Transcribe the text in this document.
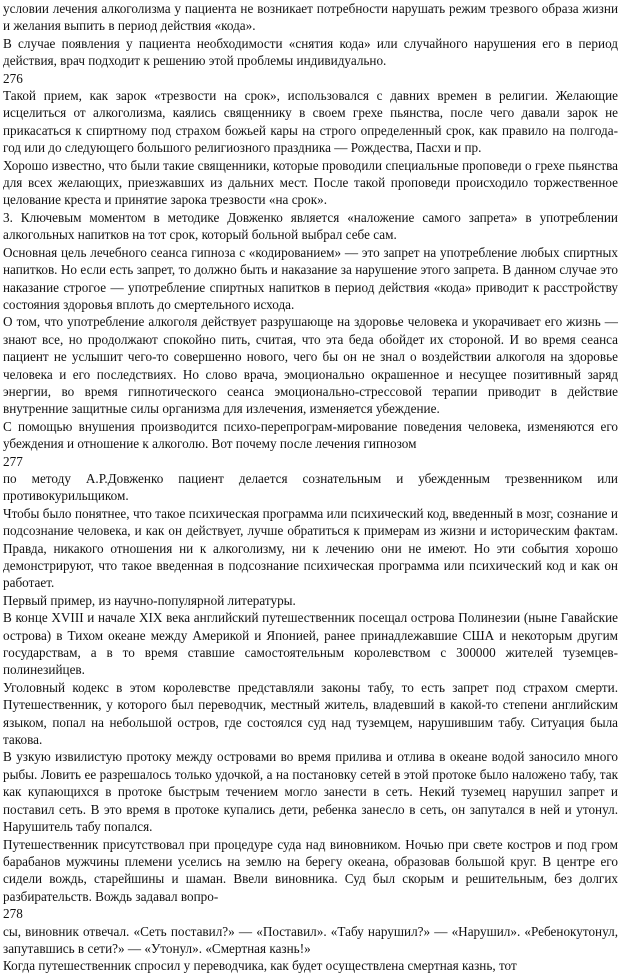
условии лечения алкоголизма у пациента не возникает потребности нарушать режим трезвого образа жизни и желания выпить в период действия «кода».

В случае появления у пациента необходимости «снятия кода» или случайного нарушения его в период действия, врач подходит к решению этой проблемы индивидуально.

276

Такой прием, как зарок «трезвости на срок», использовался с давних времен в религии. Желающие исцелиться от алкоголизма, каялись священнику в своем грехе пьянства, после чего давали зарок не прикасаться к спиртному под страхом божьей кары на строго определенный срок, как правило на полгода-год или до следующего большого религиозного праздника — Рождества, Пасхи и пр.

Хорошо известно, что были такие священники, которые проводили специальные проповеди о грехе пьянства для всех желающих, приезжавших из дальних мест. После такой проповеди происходило торжественное целование креста и принятие зарока трезвости «на срок».

3. Ключевым моментом в методике Довженко является «наложение самого запрета» в употреблении алкогольных напитков на тот срок, который больной выбрал себе сам.

Основная цель лечебного сеанса гипноза с «кодированием» — это запрет на употребление любых спиртных напитков. Но если есть запрет, то должно быть и наказание за нарушение этого запрета. В данном случае это наказание строгое — употребление спиртных напитков в период действия «кода» приводит к расстройству состояния здоровья вплоть до смертельного исхода.

О том, что употребление алкоголя действует разрушающе на здоровье человека и укорачивает его жизнь — знают все, но продолжают спокойно пить, считая, что эта беда обойдет их стороной. И во время сеанса пациент не услышит чего-то совершенно нового, чего бы он не знал о воздействии алкоголя на здоровье человека и его последствиях. Но слово врача, эмоционально окрашенное и несущее позитивный заряд энергии, во время гипнотического сеанса эмоционально-стрессовой терапии приводит в действие внутренние защитные силы организма для излечения, изменяется убеждение.

С помощью внушения производится психо-перепрограм-мирование поведения человека, изменяются его убеждения и отношение к алкоголю. Вот почему после лечения гипнозом

277

по методу А.Р.Довженко пациент делается сознательным и убежденным трезвенником или противокурильщиком.

Чтобы было понятнее, что такое психическая программа или психический код, введенный в мозг, сознание и подсознание человека, и как он действует, лучше обратиться к примерам из жизни и историческим фактам. Правда, никакого отношения ни к алкоголизму, ни к лечению они не имеют. Но эти события хорошо демонстрируют, что такое введенная в подсознание психическая программа или психический код и как он работает.

Первый пример, из научно-популярной литературы.

В конце XVIII и начале XIX века английский путешественник посещал острова Полинезии (ныне Гавайские острова) в Тихом океане между Америкой и Японией, ранее принадлежавшие США и некоторым другим государствам, а в то время ставшие самостоятельным королевством с 300000 жителей туземцев-полинезийцев.

Уголовный кодекс в этом королевстве представляли законы табу, то есть запрет под страхом смерти. Путешественник, у которого был переводчик, местный житель, владевший в какой-то степени английским языком, попал на небольшой остров, где состоялся суд над туземцем, нарушившим табу. Ситуация была такова.

В узкую извилистую протоку между островами во время прилива и отлива в океане водой заносило много рыбы. Ловить ее разрешалось только удочкой, а на постановку сетей в этой протоке было наложено табу, так как купающихся в протоке быстрым течением могло занести в сеть. Некий туземец нарушил запрет и поставил сеть. В это время в протоке купались дети, ребенка занесло в сеть, он запутался в ней и утонул. Нарушитель табу попался.

Путешественник присутствовал при процедуре суда над виновником. Ночью при свете костров и под гром барабанов мужчины племени уселись на землю на берегу океана, образовав большой круг. В центре его сидели вождь, старейшины и шаман. Ввели виновника. Суд был скорым и решительным, без долгих разбирательств. Вождь задавал вопро-

278

сы, виновник отвечал. «Сеть поставил?» — «Поставил». «Табу нарушил?» — «Нарушил». «Ребенокутонул, запутавшись в сети?» — «Утонул». «Смертная казнь!»

Когда путешественник спросил у переводчика, как будет осуществлена смертная казнь, тот
